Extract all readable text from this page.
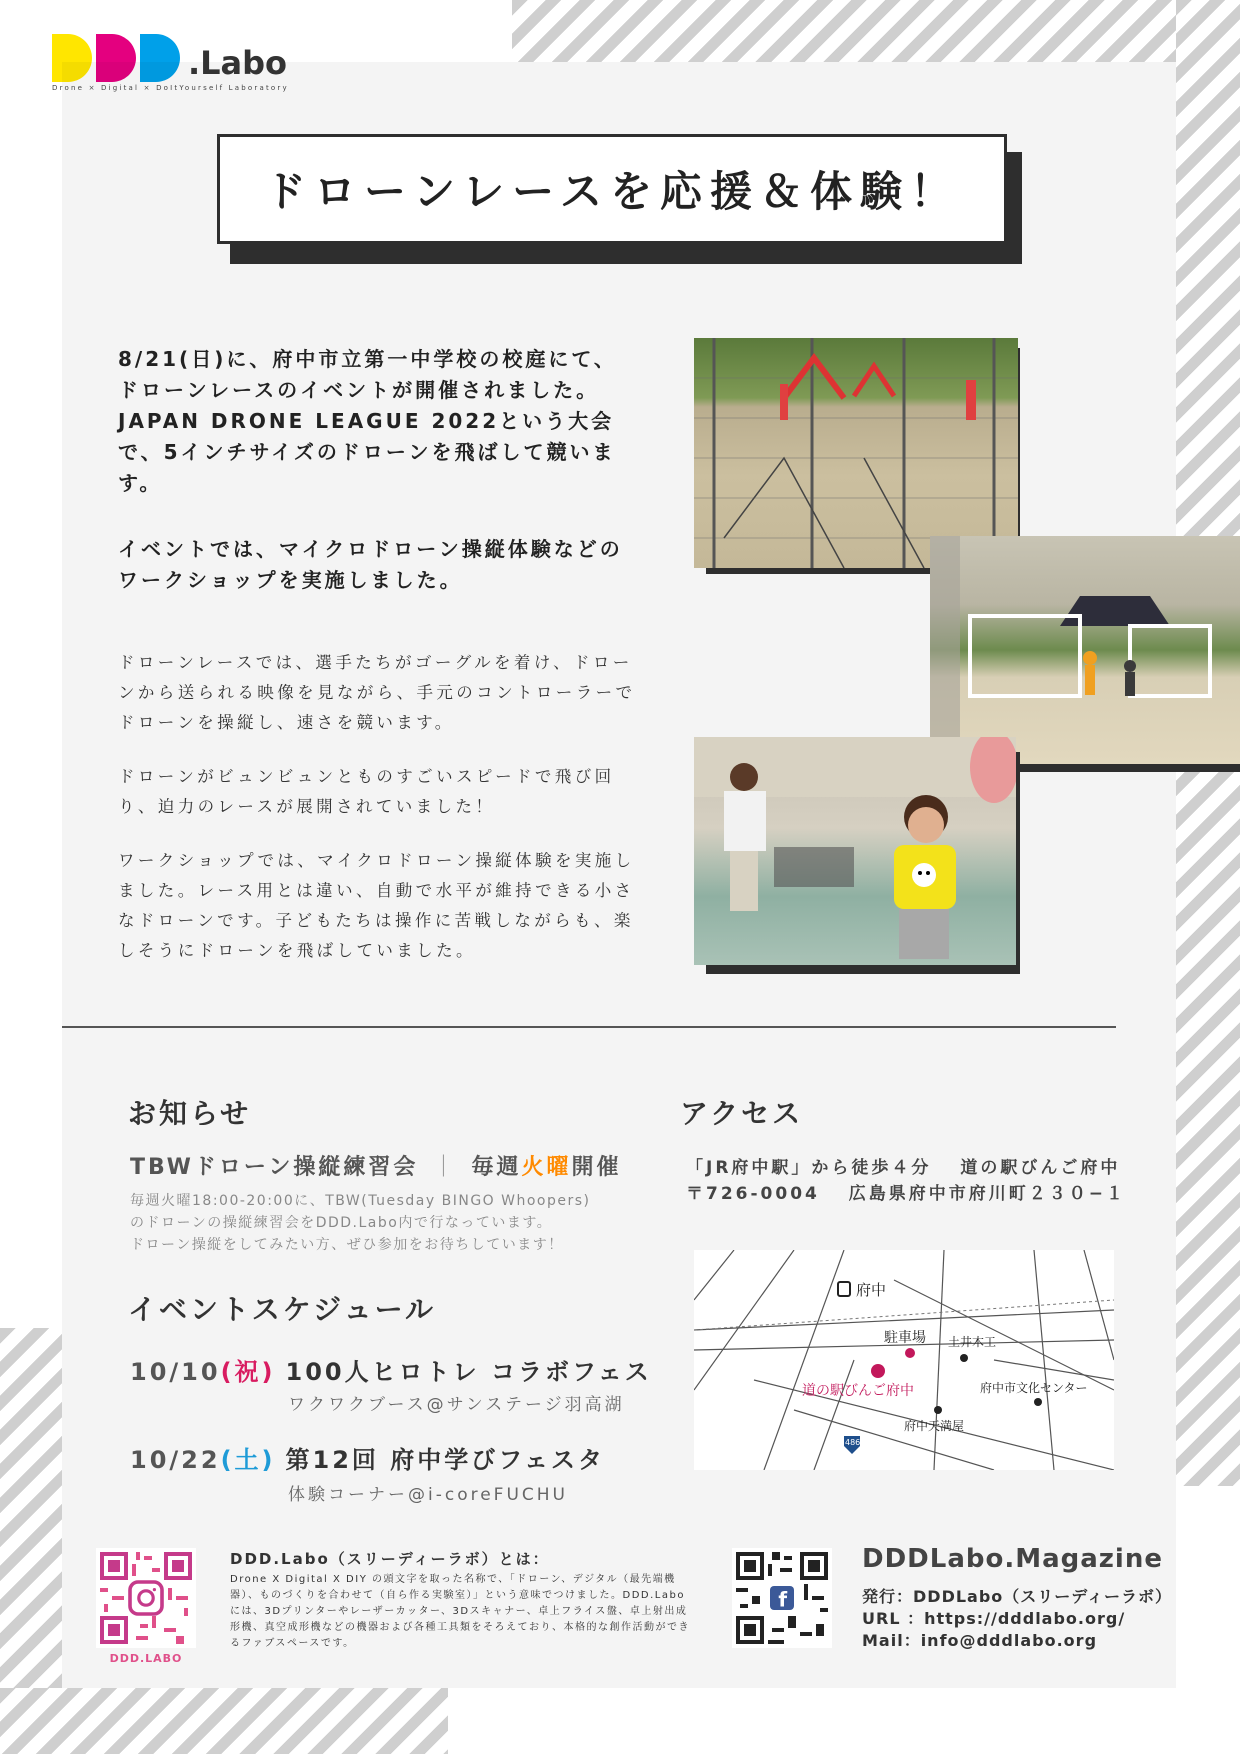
.Labo
Drone × Digital × DoItYourself Laboratory
ドローンレースを応援＆体験！

8/21(日)に、府中市立第一中学校の校庭にて、ドローンレースのイベントが開催されました。JAPAN DRONE LEAGUE 2022という大会で、5インチサイズのドローンを飛ばして競います。

イベントでは、マイクロドローン操縦体験などのワークショップを実施しました。

ドローンレースでは、選手たちがゴーグルを着け、ドローンから送られる映像を見ながら、手元のコントローラーでドローンを操縦し、速さを競います。

ドローンがビュンビュンとものすごいスピードで飛び回り、迫力のレースが展開されていました！

ワークショップでは、マイクロドローン操縦体験を実施しました。レース用とは違い、自動で水平が維持できる小さなドローンです。子どもたちは操作に苦戦しながらも、楽しそうにドローンを飛ばしていました。

お知らせ
TBWドローン操縦練習会 ｜ 毎週火曜開催

毎週火曜18:00-20:00に、TBW(Tuesday BINGO Whoopers)
のドローンの操縦練習会をDDD.Labo内で行なっています。
ドローン操縦をしてみたい方、ぜひ参加をお待ちしています！

イベントスケジュール
10/10(祝) 100人ヒロトレ コラボフェス
ワクワクブース@サンステージ羽高湖
10/22(土) 第12回 府中学びフェスタ
体験コーナー@i-coreFUCHU
アクセス
「JR府中駅」から徒歩４分　 道の駅びんご府中
〒726-0004　 広島県府中市府川町２３０−１
府中
駐車場
道の駅びんご府中
土井木工
府中市文化センター
府中天満屋
486
DDD.LABO
DDD.Labo（スリーディーラボ）とは：

Drone X Digital X DIY の頭文字を取った名称で、「ドローン、デジタル（最先端機器）、ものづくりを合わせて（自ら作る実験室）」という意味でつけました。DDD.Laboには、3Dプリンターやレーザーカッター、3Dスキャナー、卓上フライス盤、卓上射出成形機、真空成形機などの機器および各種工具類をそろえており、本格的な創作活動ができるファブスペースです。

f
DDDLabo.Magazine
発行：DDDLabo（スリーディーラボ）
URL ：https://dddlabo.org/
Mail：info@dddlabo.org
